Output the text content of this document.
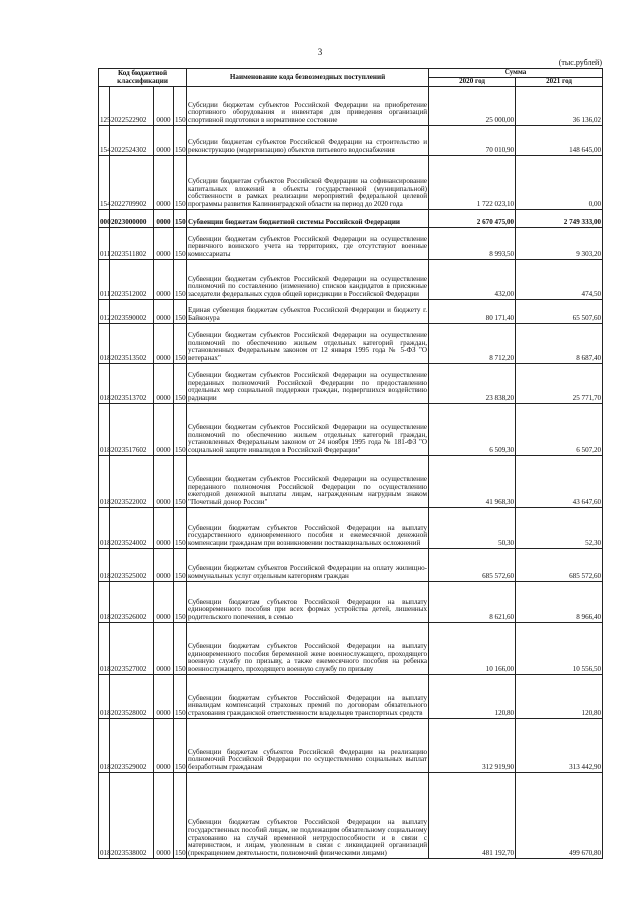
3
(тыс.рублей)
Код бюджетной классификации				Наименование кода безвозмездных поступлений	Сумма	
					2020 год	2021 год
125	2022522902	0000	150	Субсидии бюджетам субъектов Российской Федерации на приобретение спортивного оборудования и инвентаря для приведения организаций спортивной подготовки в нормативное состояние	25 000,00	36 136,02
154	2022524302	0000	150	Субсидии бюджетам субъектов Российской Федерации на строительство и реконструкцию (модернизацию) объектов питьевого водоснабжения	70 010,90	148 645,00
154	2022709902	0000	150	Субсидии бюджетам субъектов Российской Федерации на софинансирование капитальных вложений в объекты государственной (муниципальной) собственности в рамках реализации мероприятий федеральной целевой программы развития Калининградской области на период до 2020 года	1 722 023,10	0,00
000	2023000000	0000	150	Субвенции бюджетам бюджетной системы Российской Федерации	2 670 475,00	2 749 333,00
011	2023511802	0000	150	Субвенции бюджетам субъектов Российской Федерации на осуществление первичного воинского учета на территориях, где отсутствуют военные комиссариаты	8 993,50	9 303,20
011	2023512002	0000	150	Субвенции бюджетам субъектов Российской Федерации на осуществление полномочий по составлению (изменению) списков кандидатов в присяжные заседатели федеральных судов общей юрисдикции в Российской Федерации	432,00	474,50
012	2023590002	0000	150	Единая субвенция бюджетам субъектов Российской Федерации и бюджету г. Байконура	80 171,40	65 507,60
018	2023513502	0000	150	Субвенции бюджетам субъектов Российской Федерации на осуществление полномочий по обеспечению жильем отдельных категорий граждан, установленных Федеральным законом от 12 января 1995 года № 5-ФЗ "О ветеранах"	8 712,20	8 687,40
018	2023513702	0000	150	Субвенции бюджетам субъектов Российской Федерации на осуществление переданных полномочий Российской Федерации по предоставлению отдельных мер социальной поддержки граждан, подвергшихся воздействию радиации	23 838,20	25 771,70
018	2023517602	0000	150	Субвенции бюджетам субъектов Российской Федерации на осуществление полномочий по обеспечению жильем отдельных категорий граждан, установленных Федеральным законом от 24 ноября 1995 года № 181-ФЗ "О социальной защите инвалидов в Российской Федерации"	6 509,30	6 507,20
018	2023522002	0000	150	Субвенции бюджетам субъектов Российской Федерации на осуществление переданного полномочия Российской Федерации по осуществлению ежегодной денежной выплаты лицам, награжденным нагрудным знаком "Почетный донор России"	41 968,30	43 647,60
018	2023524002	0000	150	Субвенции бюджетам субъектов Российской Федерации на выплату государственного единовременного пособия и ежемесячной денежной компенсации гражданам при возникновении поствакцинальных осложнений	50,30	52,30
018	2023525002	0000	150	Субвенции бюджетам субъектов Российской Федерации на оплату жилищно-коммунальных услуг отдельным категориям граждан	685 572,60	685 572,60
018	2023526002	0000	150	Субвенции бюджетам субъектов Российской Федерации на выплату единовременного пособия при всех формах устройства детей, лишенных родительского попечения, в семью	8 621,60	8 966,40
018	2023527002	0000	150	Субвенции бюджетам субъектов Российской Федерации на выплату единовременного пособия беременной жене военнослужащего, проходящего военную службу по призыву, а также ежемесячного пособия на ребенка военнослужащего, проходящего военную службу по призыву	10 166,00	10 556,50
018	2023528002	0000	150	Субвенции бюджетам субъектов Российской Федерации на выплату инвалидам компенсаций страховых премий по договорам обязательного страхования гражданской ответственности владельцев транспортных средств	120,80	120,80
018	2023529002	0000	150	Субвенции бюджетам субъектов Российской Федерации на реализацию полномочий Российской Федерации по осуществлению социальных выплат безработным гражданам	312 919,90	313 442,90
018	2023538002	0000	150	Субвенции бюджетам субъектов Российской Федерации на выплату государственных пособий лицам, не подлежащим обязательному социальному страхованию на случай временной нетрудоспособности и в связи с материнством, и лицам, уволенным в связи с ликвидацией организаций (прекращением деятельности, полномочий физическими лицами)	481 192,70	499 670,80
